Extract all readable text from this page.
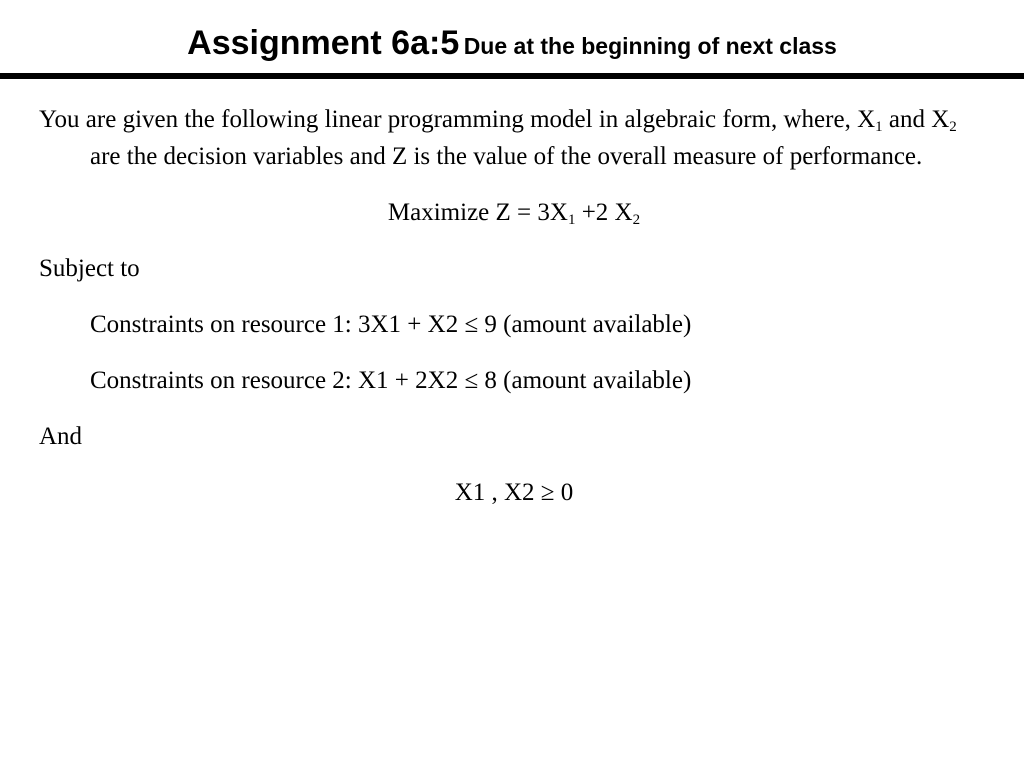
Assignment 6a:5 Due at the beginning of next class

You are given the following linear programming model in algebraic form, where, $X_1$ and $X_2$ are the decision variables and Z is the value of the overall measure of performance.

Maximize $Z = 3X_1 +2$ $X_2$
Subject to
Constraints on resource 1: 3X1 + X2 ≤ 9 (amount available)
Constraints on resource 2: X1 + 2X2 ≤ 8 (amount available)
And
X1 , X2 ≥ 0
